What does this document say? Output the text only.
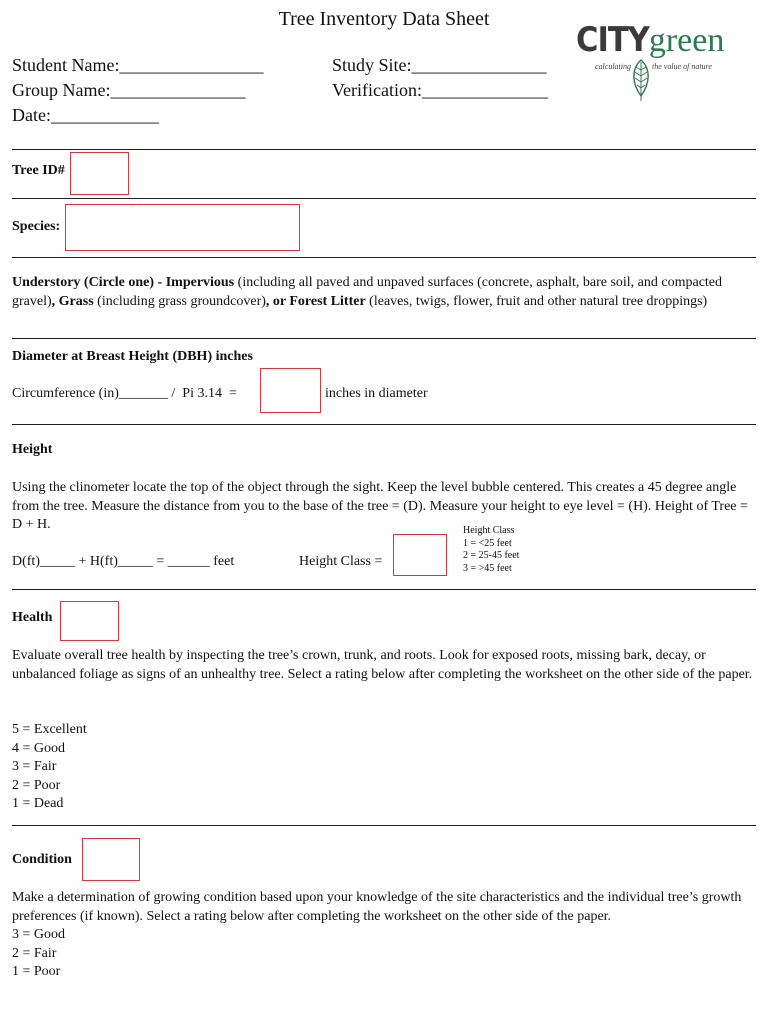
Tree Inventory Data Sheet
Student Name:________________
Group Name:_______________
Date:____________
Study Site:_______________
Verification:______________
CITYgreen
calculating	the value of nature
Tree ID#
Species:
Understory (Circle one) - Impervious (including all paved and unpaved surfaces (concrete, asphalt, bare soil, and compacted gravel), Grass (including grass groundcover), or Forest Litter (leaves, twigs, flower, fruit and other natural tree droppings)
Diameter at Breast Height (DBH) inches
Circumference (in)_______ /  Pi 3.14  =	inches in diameter
Height
Using the clinometer locate the top of the object through the sight. Keep the level bubble centered. This creates a 45 degree angle from the tree. Measure the distance from you to the base of the tree = (D). Measure your height to eye level = (H). Height of Tree = D + H.
D(ft)_____ + H(ft)_____ = ______ feet	Height Class =
Height Class
1 = <25 feet
2 = 25-45 feet
3 = >45 feet
Health
Evaluate overall tree health by inspecting the tree’s crown, trunk, and roots. Look for exposed roots, missing bark, decay, or unbalanced foliage as signs of an unhealthy tree. Select a rating below after completing the worksheet on the other side of the paper.
5 = Excellent
4 = Good
3 = Fair
2 = Poor
1 = Dead
Condition
Make a determination of growing condition based upon your knowledge of the site characteristics and the individual tree’s growth preferences (if known). Select a rating below after completing the worksheet on the other side of the paper.
3 = Good
2 = Fair
1 = Poor
